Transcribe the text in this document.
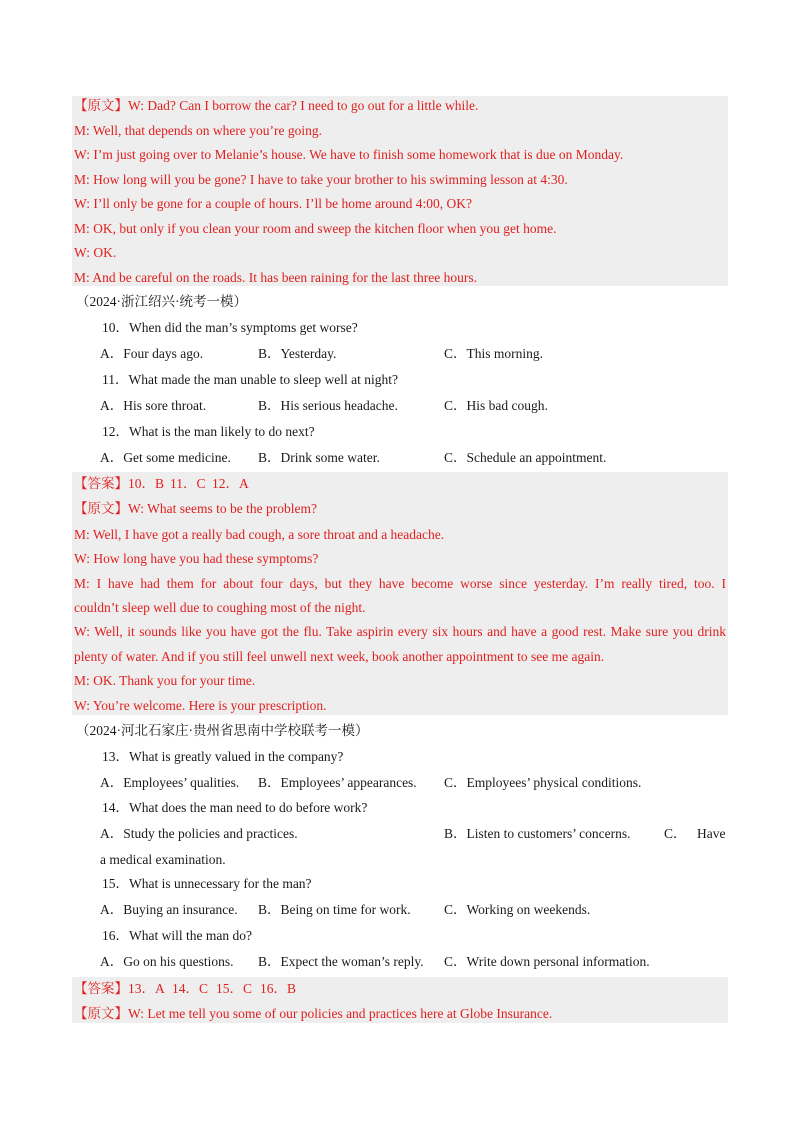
【原文】W: Dad? Can I borrow the car? I need to go out for a little while.
M: Well, that depends on where you’re going.
W: I’m just going over to Melanie’s house. We have to finish some homework that is due on Monday.
M: How long will you be gone? I have to take your brother to his swimming lesson at 4:30.
W: I’ll only be gone for a couple of hours. I’ll be home around 4:00, OK?
M: OK, but only if you clean your room and sweep the kitchen floor when you get home.
W: OK.
M: And be careful on the roads. It has been raining for the last three hours.
（2024·浙江绍兴·统考一模）
10．When did the man’s symptoms get worse?
A．Four days ago.	B．Yesterday.	C．This morning.
11．What made the man unable to sleep well at night?
A．His sore throat.	B．His serious headache.	C．His bad cough.
12．What is the man likely to do next?
A．Get some medicine. B．Drink some water.	C．Schedule an appointment.
【答案】10．B 11．C 12．A
【原文】W: What seems to be the problem?
M: Well, I have got a really bad cough, a sore throat and a headache.
W: How long have you had these symptoms?
M: I have had them for about four days, but they have become worse since yesterday. I’m really tired, too. I
couldn’t sleep well due to coughing most of the night.
W: Well, it sounds like you have got the flu. Take aspirin every six hours and have a good rest. Make sure you drink
plenty of water. And if you still feel unwell next week, book another appointment to see me again.
M: OK. Thank you for your time.
W: You’re welcome. Here is your prescription.
（2024·河北石家庄·贵州省思南中学校联考一模）
13．What is greatly valued in the company?
A．Employees’ qualities. B．Employees’ appearances. C．Employees’ physical conditions.
14．What does the man need to do before work?
A．Study the policies and practices.	B．Listen to customers’ concerns. C． Have
a medical examination.
15．What is unnecessary for the man?
A．Buying an insurance. B．Being on time for work. C．Working on weekends.
16．What will the man do?
A．Go on his questions. B．Expect the woman’s reply. C．Write down personal information.
【答案】13．A 14．C 15．C 16．B
【原文】W: Let me tell you some of our policies and practices here at Globe Insurance.
